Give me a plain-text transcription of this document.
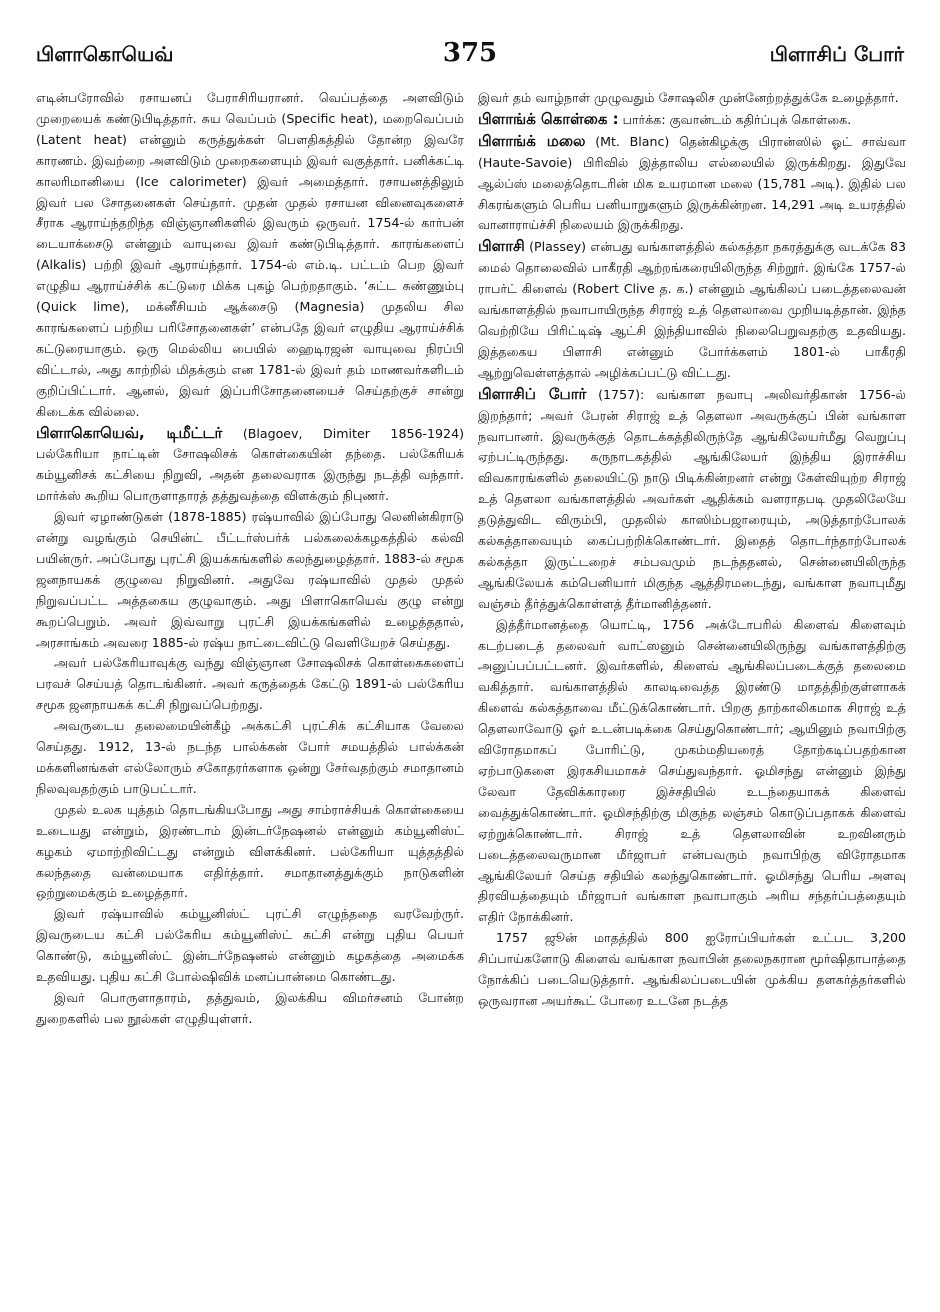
பிளாகொயெவ்	375	பிளாசிப் போர்

எடின்பரோவில் ரசாயனப் பேராசிரியரானர். வெப்பத்தை அளவிடும் முறையைக் கண்டுபிடித்தார். சுய வெப்பம் (Specific heat), மறைவெப்பம் (Latent heat) என்னும் கருத்துக்கள் பௌதிகத்தில் தோன்ற இவரே காரணம். இவற்றை அளவிடும் முறைகளையும் இவர் வகுத்தார். பனிக்கட்டி காலரிமானியை (Ice calorimeter) இவர் அமைத்தார். ரசாயனத்திலும் இவர் பல சோதனைகள் செய்தார். முதன் முதல் ரசாயன வினைவுகளைச் சீராக ஆராய்ந்தறிந்த விஞ்ஞானிகளில் இவரும் ஒருவர். 1754-ல் கார்பன் டையாக்சைடு என்னும் வாயுவை இவர் கண்டுபிடித்தார். காரங்களைப் (Alkalis) பற்றி இவர் ஆராய்ந்தார். 1754-ல் எம்.டி. பட்டம் பெற இவர் எழுதிய ஆராய்ச்சிக் கட்டுரை மிக்க புகழ் பெற்றதாகும். ‘சுட்ட சுண்ணும்பு (Quick lime), மக்னீசியம் ஆக்சைடு (Magnesia) முதலிய சில காரங்களைப் பற்றிய பரிசோதனைகள்’ என்பதே இவர் எழுதிய ஆராய்ச்சிக் கட்டுரையாகும். ஒரு மெல்லிய பையில் ஹைடிரஜன் வாயுவை நிரப்பி விட்டால், அது காற்றில் மிதக்கும் என 1781-ல் இவர் தம் மாணவர்களிடம் குறிப்பிட்டார். ஆனல், இவர் இப்பரிசோதனையைச் செய்தற்குச் சான்று கிடைக்க வில்லை.

பிளாகொயெவ், டிமீட்டர் (Blagoev, Dimiter 1856-1924) பல்கேரியா நாட்டின் சோஷலிசக் கொள்கையின் தந்தை. பல்கேரியக் கம்யூனிசக் கட்சியை நிறுவி, அதன் தலைவராக இருந்து நடத்தி வந்தார். மார்க்ஸ் கூறிய பொருளாதாரத் தத்துவத்தை விளக்கும் நிபுணர்.

இவர் ஏழாண்டுகள் (1878-1885) ரஷ்யாவில் இப்போது லெனின்கிராடு என்று வழங்கும் செயின்ட் பீட்டர்ஸ்பர்க் பல்கலைக்கழகத்தில் கல்வி பயின்ருர். அப்போது புரட்சி இயக்கங்களில் கலந்துழைத்தார். 1883-ல் சமூக ஜனநாயகக் குழுவை நிறுவினர். அதுவே ரஷ்யாவில் முதல் முதல் நிறுவப்பட்ட அத்தகைய குழுவாகும். அது பிளாகொயெவ் குழு என்று கூறப்பெறும். அவர் இவ்வாறு புரட்சி இயக்கங்களில் உழைத்ததால், அரசாங்கம் அவரை 1885-ல் ரஷ்ய நாட்டைவிட்டு வெளியேறச் செய்தது.

அவர் பல்கேரியாவுக்கு வந்து விஞ்ஞான சோஷலிசக் கொள்கைகளைப் பரவச் செய்யத் தொடங்கினர். அவர் கருத்தைக் கேட்டு 1891-ல் பல்கேரிய சமூக ஜனநாயகக் கட்சி நிறுவப்பெற்றது.

அவருடைய தலைமையின்கீழ் அக்கட்சி புரட்சிக் கட்சியாக வேலை செய்தது. 1912, 13-ல் நடந்த பால்க்கன் போர் சமயத்தில் பால்க்கன் மக்களினங்கள் எல்லோரும் சகோதரர்களாக ஒன்று சேர்வதற்கும் சமாதானம் நிலவுவதற்கும் பாடுபட்டார்.

முதல் உலக யுத்தம் தொடங்கியபோது அது சாம்ராச்சியக் கொள்கையை உடையது என்றும், இரண்டாம் இன்டர்நேஷனல் என்னும் கம்யூனிஸ்ட் கழகம் ஏமாற்றிவிட்டது என்றும் விளக்கினர். பல்கேரியா யுத்தத்தில் கலந்ததை வன்மையாக எதிர்த்தார். சமாதானத்துக்கும் நாடுகளின் ஒற்றுமைக்கும் உழைத்தார்.

இவர் ரஷ்யாவில் கம்யூனிஸ்ட் புரட்சி எழுந்ததை வரவேற்ருர். இவருடைய கட்சி பல்கேரிய கம்யூனிஸ்ட் கட்சி என்று புதிய பெயர் கொண்டு, கம்யூனிஸ்ட் இன்டர்நேஷனல் என்னும் கழகத்தை அமைக்க உதவியது. புதிய கட்சி போல்ஷிவிக் மனப்பான்மை கொண்டது.

இவர் பொருளாதாரம், தத்துவம், இலக்கிய விமர்சனம் போன்ற துறைகளில் பல நூல்கள் எழுதியுள்ளர்.

இவர் தம் வாழ்நாள் முழுவதும் சோஷலிச முன்னேற்றத்துக்கே உழைத்தார்.

பிளாங்க் கொள்கை : பார்க்க: குவான்டம் கதிர்ப்புக் கொள்கை.

பிளாங்க் மலை (Mt. Blanc) தென்கிழக்கு பிரான்ஸில் ஓட் சாவ்வா (Haute-Savoie) பிரிவில் இத்தாலிய எல்லையில் இருக்கிறது. இதுவே ஆல்ப்ஸ் மலைத்தொடரின் மிக உயரமான மலை (15,781 அடி). இதில் பல சிகரங்களும் பெரிய பனியாறுகளும் இருக்கின்றன. 14,291 அடி உயரத்தில் வானாராய்ச்சி நிலையம் இருக்கிறது.

பிளாசி (Plassey) என்பது வங்காளத்தில் கல்கத்தா நகரத்துக்கு வடக்கே 83 மைல் தொலைவில் பாகீரதி ஆற்றங்கரையிலிருந்த சிற்றூர். இங்கே 1757-ல் ராபர்ட் கிளைவ் (Robert Clive த. க.) என்னும் ஆங்கிலப் படைத்தலைவன் வங்காளத்தில் நவாபாயிருந்த சிராஜ் உத் தௌலாவை முறியடித்தான். இந்த வெற்றியே பிரிட்டிஷ் ஆட்சி இந்தியாவில் நிலைபெறுவதற்கு உதவியது. இத்தகைய பிளாசி என்னும் போர்க்களம் 1801-ல் பாகீரதி ஆற்றுவெள்ளத்தால் அழிக்கப்பட்டு விட்டது.

பிளாசிப் போர் (1757): வங்காள நவாபு அலிவர்திகான் 1756-ல் இறந்தார்; அவர் பேரன் சிராஜ் உத் தௌலா அவருக்குப் பின் வங்காள நவாபானர். இவருக்குத் தொடக்கத்திலிருந்தே ஆங்கிலேயர்மீது வெறுப்பு ஏற்பட்டிருந்தது. கருநாடகத்தில் ஆங்கிலேயர் இந்திய இராச்சிய விவகாரங்களில் தலையிட்டு நாடு பிடிக்கின்றனர் என்று கேள்வியுற்ற சிராஜ் உத் தௌலா வங்காளத்தில் அவர்கள் ஆதிக்கம் வளராதபடி முதலிலேயே தடுத்துவிட விரும்பி, முதலில் காஸிம்பஜாரையும், அடுத்தாற்போலக் கல்கத்தாவையும் கைப்பற்றிக்கொண்டார். இதைத் தொடர்ந்தாற்போலக் கல்கத்தா இருட்டறைச் சம்பவமும் நடந்ததனல், சென்னையிலிருந்த ஆங்கிலேயக் கம்பெனியார் மிகுந்த ஆத்திரமடைந்து, வங்காள நவாபுமீது வஞ்சம் தீர்த்துக்கொள்ளத் தீர்மானித்தனர்.

இத்தீர்மானத்தை யொட்டி, 1756 அக்டோபரில் கிளைவ் கிளைவும் கடற்படைத் தலைவர் வாட்ஸனும் சென்னையிலிருந்து வங்காளத்திற்கு அனுப்பப்பட்டனர். இவர்களில், கிளைவ் ஆங்கிலப்படைக்குத் தலைமை வகித்தார். வங்காளத்தில் காலடிவைத்த இரண்டு மாதத்திற்குள்ளாகக் கிளைவ் கல்கத்தாவை மீட்டுக்கொண்டார். பிறகு தாற்காலிகமாக சிராஜ் உத் தௌலாவோடு ஓர் உடன்படிக்கை செய்துகொண்டார்; ஆயினும் நவாபிற்கு விரோதமாகப் போரிட்டு, முகம்மதியரைத் தோற்கடிப்பதற்கான ஏற்பாடுகளை இரகசியமாகச் செய்துவந்தார். ஓமிசந்து என்னும் இந்து லேவா தேவிக்காரரை இச்சதியில் உடந்தையாகக் கிளைவ் வைத்துக்கொண்டார். ஓமிசந்திற்கு மிகுந்த லஞ்சம் கொடுப்பதாகக் கிளைவ் ஏற்றுக்கொண்டார். சிராஜ் உத் தௌலாவின் உறவினரும் படைத்தலைவருமான மீர்ஜாபர் என்பவரும் நவாபிற்கு விரோதமாக ஆங்கிலேயர் செய்த சதியில் கலந்துகொண்டார். ஓமிசந்து பெரிய அளவு திரவியத்தையும் மீர்ஜாபர் வங்காள நவாபாகும் அரிய சந்தர்ப்பத்தையும் எதிர் நோக்கினர்.

1757 ஜூன் மாதத்தில் 800 ஐரோப்பியர்கள் உட்பட 3,200 சிப்பாய்களோடு கிளைவ் வங்காள நவாபின் தலைநகரான மூர்ஷிதாபாத்தை நோக்கிப் படையெடுத்தார். ஆங்கிலப்படையின் முக்கிய தளகர்த்தர்களில் ஒருவரான அயர்கூட் போரை உடனே நடத்த
